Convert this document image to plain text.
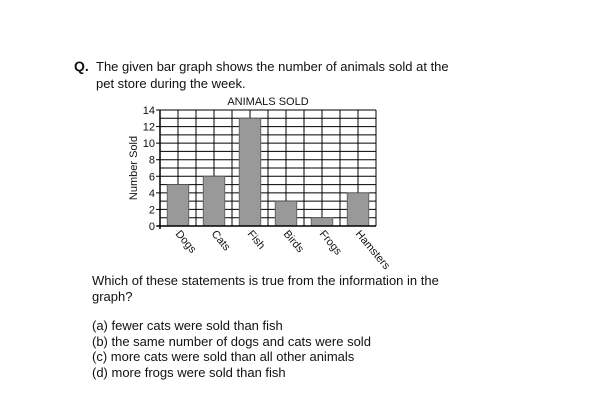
Q. The given bar graph shows the number of animals sold at the pet store during the week.
ANIMALS SOLD
0
2
4
6
8
10
12
14
Number Sold
Dogs Cats Fish Birds Frogs Hamsters
Which of these statements is true from the information in the graph?
(a) fewer cats were sold than fish
(b) the same number of dogs and cats were sold
(c) more cats were sold than all other animals
(d) more frogs were sold than fish
